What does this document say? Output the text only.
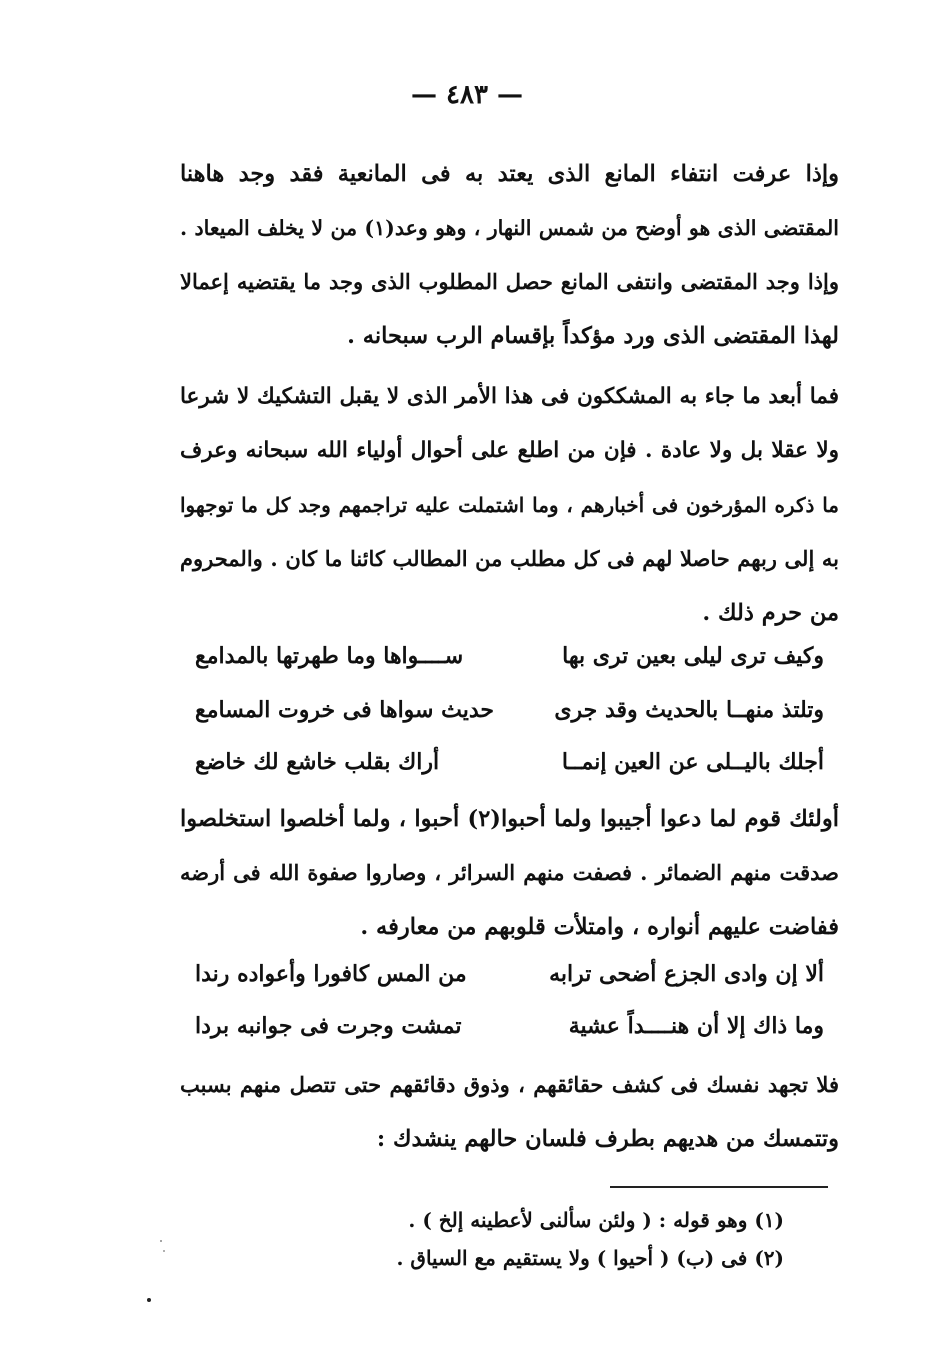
— ٤٨٣ —
وإذا عرفت انتفاء المانع الذى يعتد به فى المانعية فقد وجد هاهنا
المقتضى الذى هو أوضح من شمس النهار ، وهو وعد(١) من لا يخلف الميعاد .
وإذا وجد المقتضى وانتفى المانع حصل المطلوب الذى وجد ما يقتضيه إعمالا
لهذا المقتضى الذى ورد مؤكداً بإقسام الرب سبحانه .
فما أبعد ما جاء به المشككون فى هذا الأمر الذى لا يقبل التشكيك لا شرعا
ولا عقلا بل ولا عادة . فإن من اطلع على أحوال أولياء الله سبحانه وعرف
ما ذكره المؤرخون فى أخبارهم ، وما اشتملت عليه تراجمهم وجد كل ما توجهوا
به إلى ربهم حاصلا لهم فى كل مطلب من المطالب كائنا ما كان . والمحروم
من حرم ذلك .
وكيف ترى ليلى بعين ترى بها
ســــواها وما طهرتها بالمدامع
وتلتذ منهــا بالحديث وقد جرى
حديث سواها فى خروت المسامع
أجلك باليــلى عن العين إنمــا
أراك بقلب خاشع لك خاضع
أولئك قوم لما دعوا أجيبوا ولما أحبوا(٢) أحبوا ، ولما أخلصوا استخلصوا
صدقت منهم الضمائر . فصفت منهم السرائر ، وصاروا صفوة الله فى أرضه
ففاضت عليهم أنواره ، وامتلأت قلوبهم من معارفه .
ألا إن وادى الجزع أضحى ترابه
من المس كافورا وأعواده رندا
وما ذاك إلا أن هنــــداً عشية
تمشت وجرت فى جوانبه بردا
فلا تجهد نفسك فى كشف حقائقهم ، وذوق دقائقهم حتى تتصل منهم بسبب
وتتمسك من هديهم بطرف فلسان حالهم ينشدك :
(١) وهو قوله : ( ولئن سألنى لأعطينه إلخ ) .
(٢) فى (ب) ( أحيوا ) ولا يستقيم مع السياق .
